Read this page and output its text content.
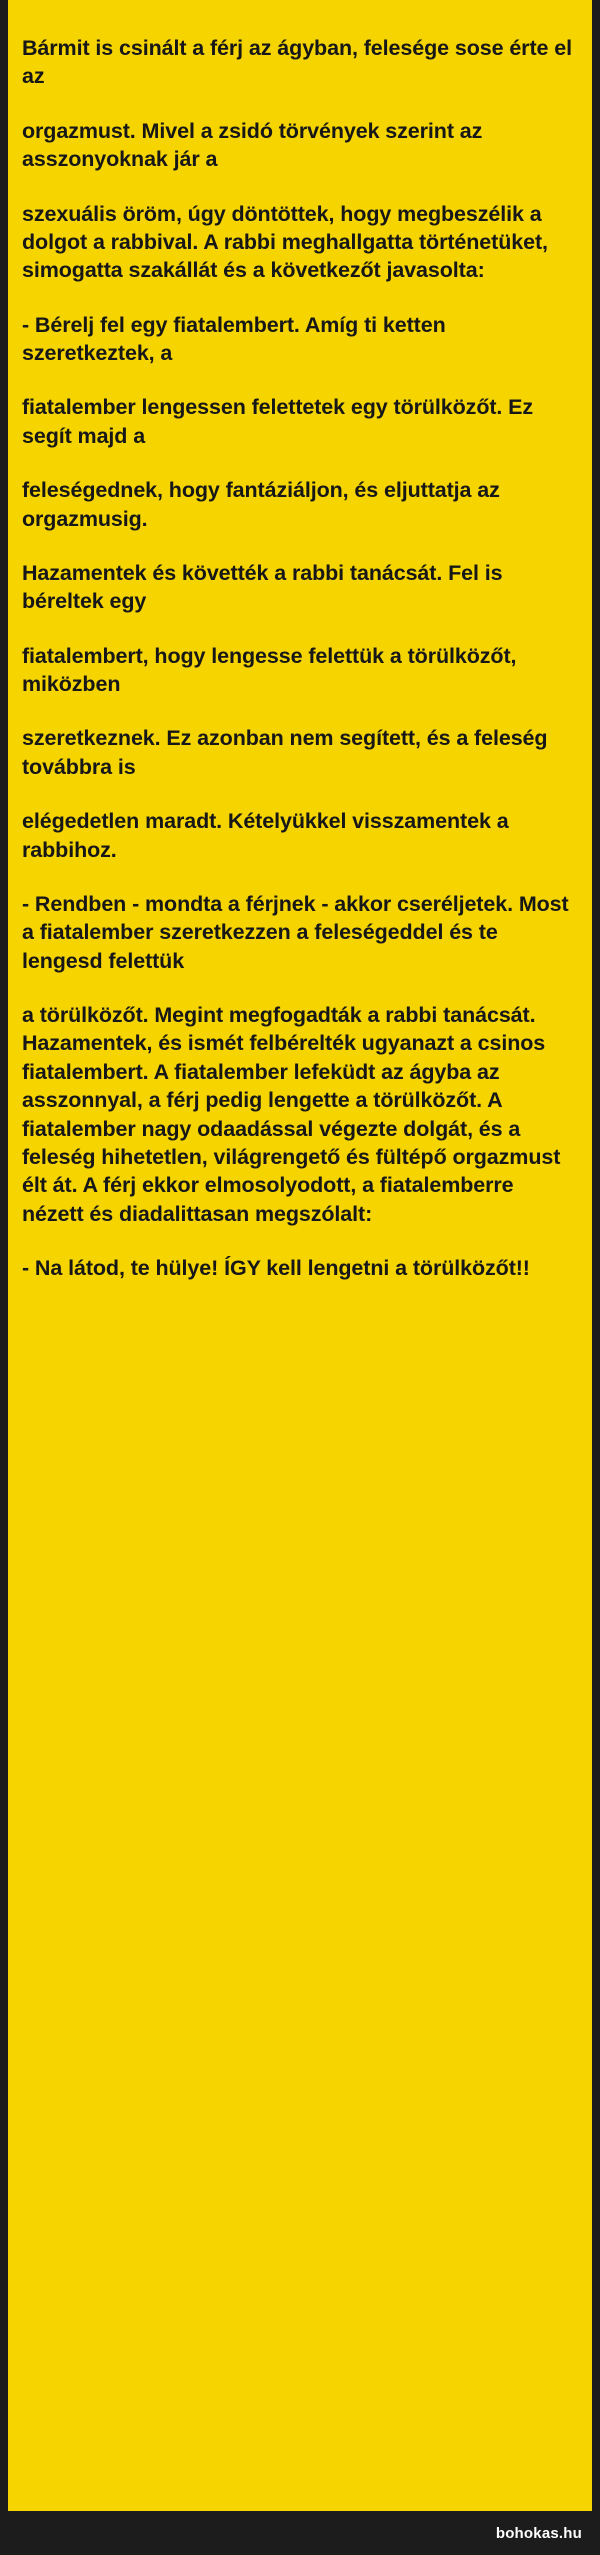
Bármit is csinált a férj az ágyban, felesége sose érte el az

orgazmust. Mivel a zsidó törvények szerint az asszonyoknak jár a

szexuális öröm, úgy döntöttek, hogy megbeszélik a dolgot a rabbival. A rabbi meghallgatta történetüket, simogatta szakállát és a következőt javasolta:

- Bérelj fel egy fiatalembert. Amíg ti ketten szeretkeztek, a

fiatalember lengessen felettetek egy törülközőt. Ez segít majd a

feleségednek, hogy fantáziáljon, és eljuttatja az orgazmusig.

Hazamentek és követték a rabbi tanácsát. Fel is béreltek egy

fiatalembert, hogy lengesse felettük a törülközőt, miközben

szeretkeznek. Ez azonban nem segített, és a feleség továbbra is

elégedetlen maradt. Kételyükkel visszamentek a rabbihoz.

- Rendben - mondta a férjnek - akkor cseréljetek. Most a fiatalember szeretkezzen a feleségeddel és te lengesd felettük

a törülközőt. Megint megfogadták a rabbi tanácsát. Hazamentek, és ismét felbérelték ugyanazt a csinos fiatalembert. A fiatalember lefeküdt az ágyba az asszonnyal, a férj pedig lengette a törülközőt. A fiatalember nagy odaadással végezte dolgát, és a feleség hihetetlen, világrengető és fültépő orgazmust élt át. A férj ekkor elmosolyodott, a fiatalemberre nézett és diadalittasan megszólalt:

- Na látod, te hülye! ÍGY kell lengetni a törülközőt!!

bohokas.hu
